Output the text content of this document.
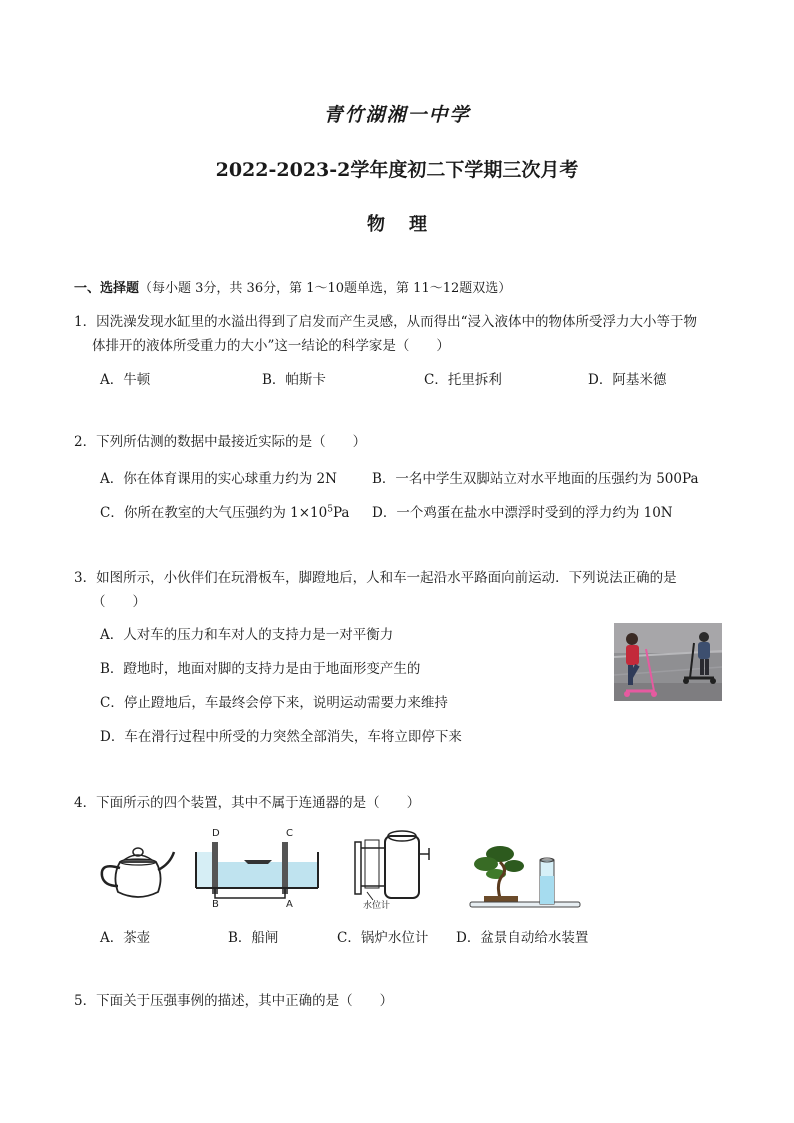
青竹湖湘一中学
2022-2023-2学年度初二下学期三次月考
物理
一、选择题（每小题 3分，共 36分，第 1～10题单选，第 11～12题双选）
1．因洗澡发现水缸里的水溢出得到了启发而产生灵感，从而得出“浸入液体中的物体所受浮力大小等于物
体排开的液体所受重力的大小”这一结论的科学家是（　　）
A．牛顿	B．帕斯卡	C．托里拆利	D．阿基米德
2．下列所估测的数据中最接近实际的是（　　）
A．你在体育课用的实心球重力约为 2N	B．一名中学生双脚站立对水平地面的压强约为 500Pa
C．你所在教室的大气压强约为 $1\times 10^5Pa$ D．一个鸡蛋在盐水中漂浮时受到的浮力约为 10N
3．如图所示，小伙伴们在玩滑板车，脚蹬地后，人和车一起沿水平路面向前运动．下列说法正确的是
（　　）
A．人对车的压力和车对人的支持力是一对平衡力
B．蹬地时，地面对脚的支持力是由于地面形变产生的
C．停止蹬地后，车最终会停下来，说明运动需要力来维持
D．车在滑行过程中所受的力突然全部消失，车将立即停下来
4．下面所示的四个装置，其中不属于连通器的是（　　）
D	C
B	A	水位计
A．茶壶	B．船闸	C．锅炉水位计 D．盆景自动给水装置
5．下面关于压强事例的描述，其中正确的是（　　）
